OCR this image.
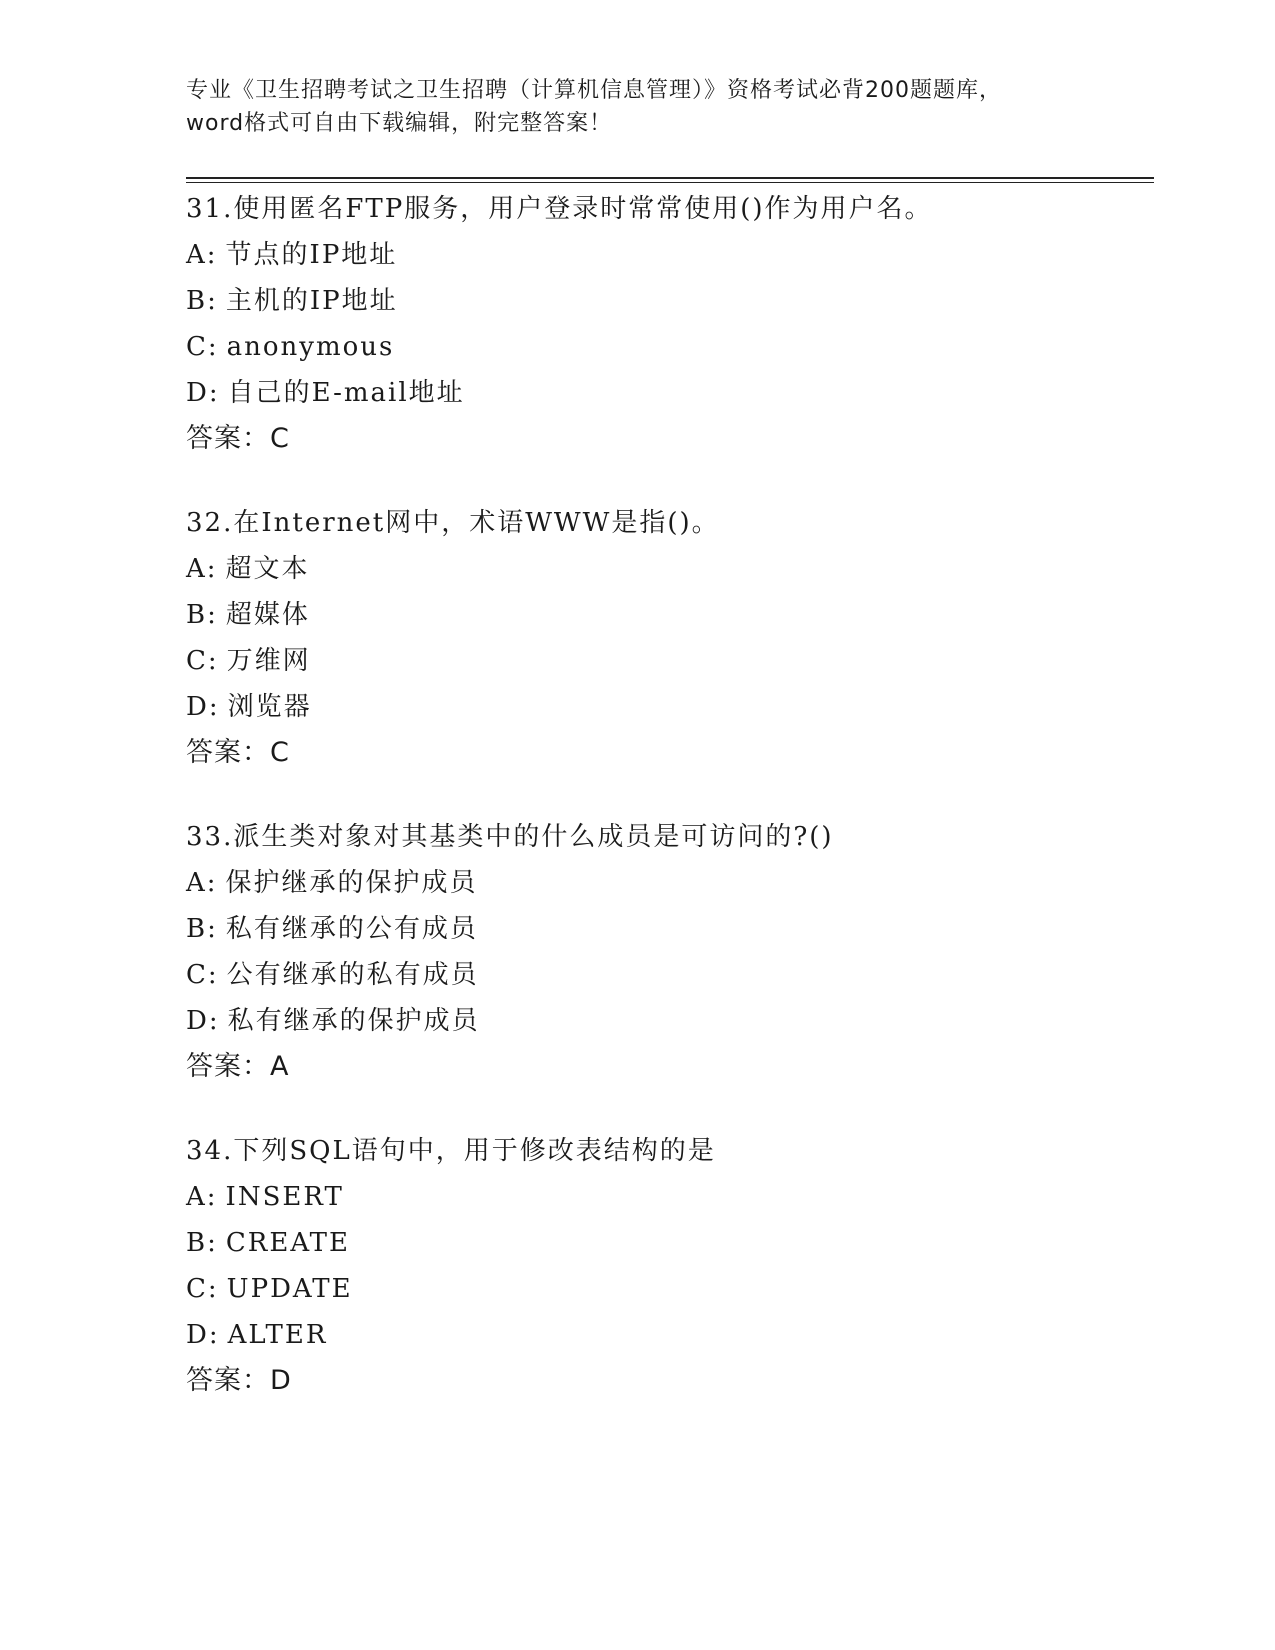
专业《卫生招聘考试之卫生招聘（计算机信息管理）》资格考试必背200题题库，
word格式可自由下载编辑，附完整答案！
31.使用匿名FTP服务，用户登录时常常使用()作为用户名。
A: 节点的IP地址
B: 主机的IP地址
C: anonymous
D: 自己的E-mail地址
答案：C
32.在Internet网中，术语WWW是指()。
A: 超文本
B: 超媒体
C: 万维网
D: 浏览器
答案：C
33.派生类对象对其基类中的什么成员是可访问的?()
A: 保护继承的保护成员
B: 私有继承的公有成员
C: 公有继承的私有成员
D: 私有继承的保护成员
答案：A
34.下列SQL语句中，用于修改表结构的是
A: INSERT
B: CREATE
C: UPDATE
D: ALTER
答案：D
